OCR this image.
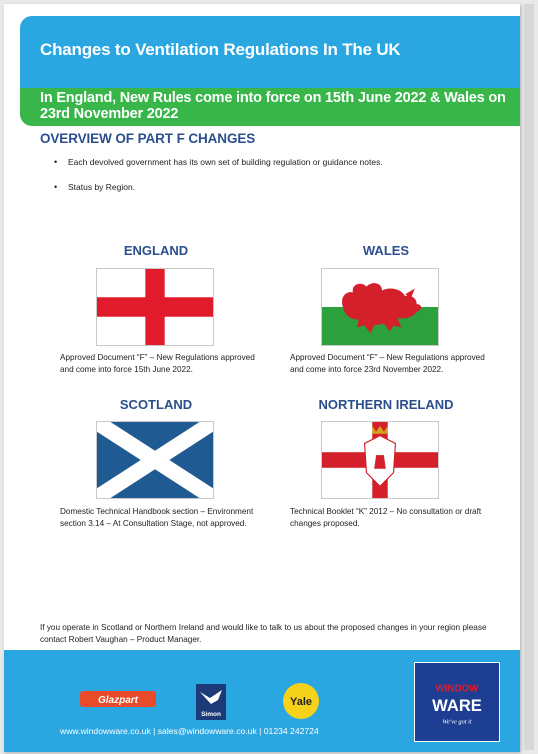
Changes to Ventilation Regulations In The UK
In England, New Rules come into force on 15th June 2022 & Wales on 23rd November 2022
OVERVIEW OF PART F CHANGES
• Each devolved government has its own set of building regulation or guidance notes.
• Status by Region.
ENGLAND

Approved Document “F” – New Regulations approved and come into force 15th June 2022.

WALES

Approved Document “F” – New Regulations approved and come into force 23rd November 2022.

SCOTLAND

Domestic Technical Handbook section – Environment section 3.14 – At Consultation Stage, not approved.

NORTHERN IRELAND

Technical Booklet “K” 2012 – No consultation or draft changes proposed.

If you operate in Scotland or Northern Ireland and would like to talk to us about the proposed changes in your region please contact Robert Vaughan – Product Manager.

Glazpart
Simon
Yale
WINDOW
WARE
We've got it

www.windowware.co.uk | sales@windowware.co.uk | 01234 242724
